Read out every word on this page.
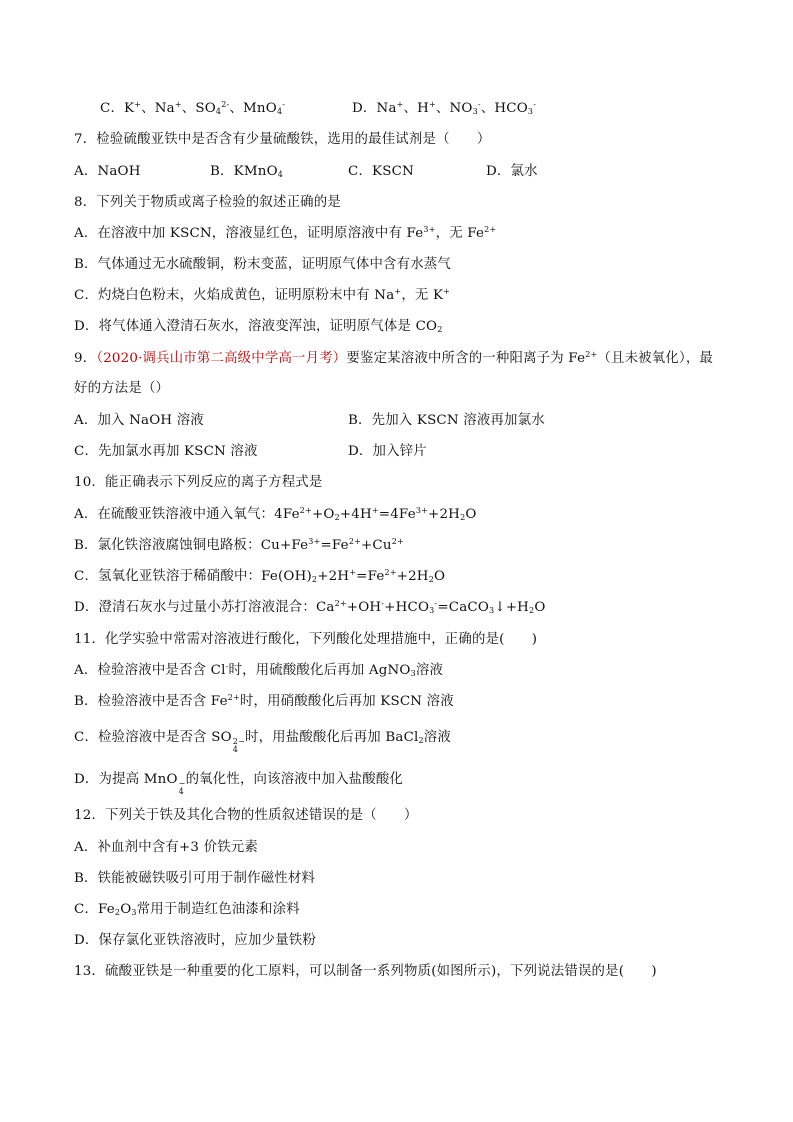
C．K+、Na+、$SO_4^{2-}$、MnO$_4$-	D．Na+、H+、$NO_3^-$、$HCO_3^-$
7．检验硫酸亚铁中是否含有少量硫酸铁，选用的最佳试剂是（　　）
A．NaOH	B．KMnO$_4$	C．KSCN	D．氯水
8．下列关于物质或离子检验的叙述正确的是
A．在溶液中加 KSCN，溶液显红色，证明原溶液中有 $Fe^{3+}$，无 $Fe^{2+}$
B．气体通过无水硫酸铜，粉末变蓝，证明原气体中含有水蒸气
C．灼烧白色粉末，火焰成黄色，证明原粉末中有 Na+，无 K+
D．将气体通入澄清石灰水，溶液变浑浊，证明原气体是 $CO_2$
9．（2020·调兵山市第二高级中学高一月考）要鉴定某溶液中所含的一种阳离子为 $Fe^{2+}$（且未被氧化），最
好的方法是（）
A．加入 NaOH 溶液	B．先加入 KSCN 溶液再加氯水
C．先加氯水再加 KSCN 溶液	D．加入锌片
10．能正确表示下列反应的离子方程式是
A．在硫酸亚铁溶液中通入氧气：$4Fe^{2+}+O_2+4H^+=4Fe^{3+}+2H_2O$
B．氯化铁溶液腐蚀铜电路板：$Cu+Fe^{3+}=Fe^{2+}+Cu^{2+}$
C．氢氧化亚铁溶于稀硝酸中：$Fe(OH)_2+2H^+=Fe^{2+}+2H_2O$
D．澄清石灰水与过量小苏打溶液混合：$Ca^{2+}+OH^-+HCO_3^-=CaCO_3↓+H_2O$
11．化学实验中常需对溶液进行酸化，下列酸化处理措施中，正确的是(　　)
A．检验溶液中是否含 Cl-时，用硫酸酸化后再加 AgNO$_3$溶液
B．检验溶液中是否含 $Fe^{2+}$时，用硝酸酸化后再加 KSCN 溶液
C．检验溶液中是否含 SO 2−
4
时，用盐酸酸化后再加 BaCl$_2$溶液
D．为提高 MnO −
4
的氧化性，向该溶液中加入盐酸酸化
12．下列关于铁及其化合物的性质叙述错误的是（　　）
A．补血剂中含有+3 价铁元素
B．铁能被磁铁吸引可用于制作磁性材料
C．$Fe_2O_3$常用于制造红色油漆和涂料
D．保存氯化亚铁溶液时，应加少量铁粉
13．硫酸亚铁是一种重要的化工原料，可以制备一系列物质(如图所示)，下列说法错误的是(　　)
